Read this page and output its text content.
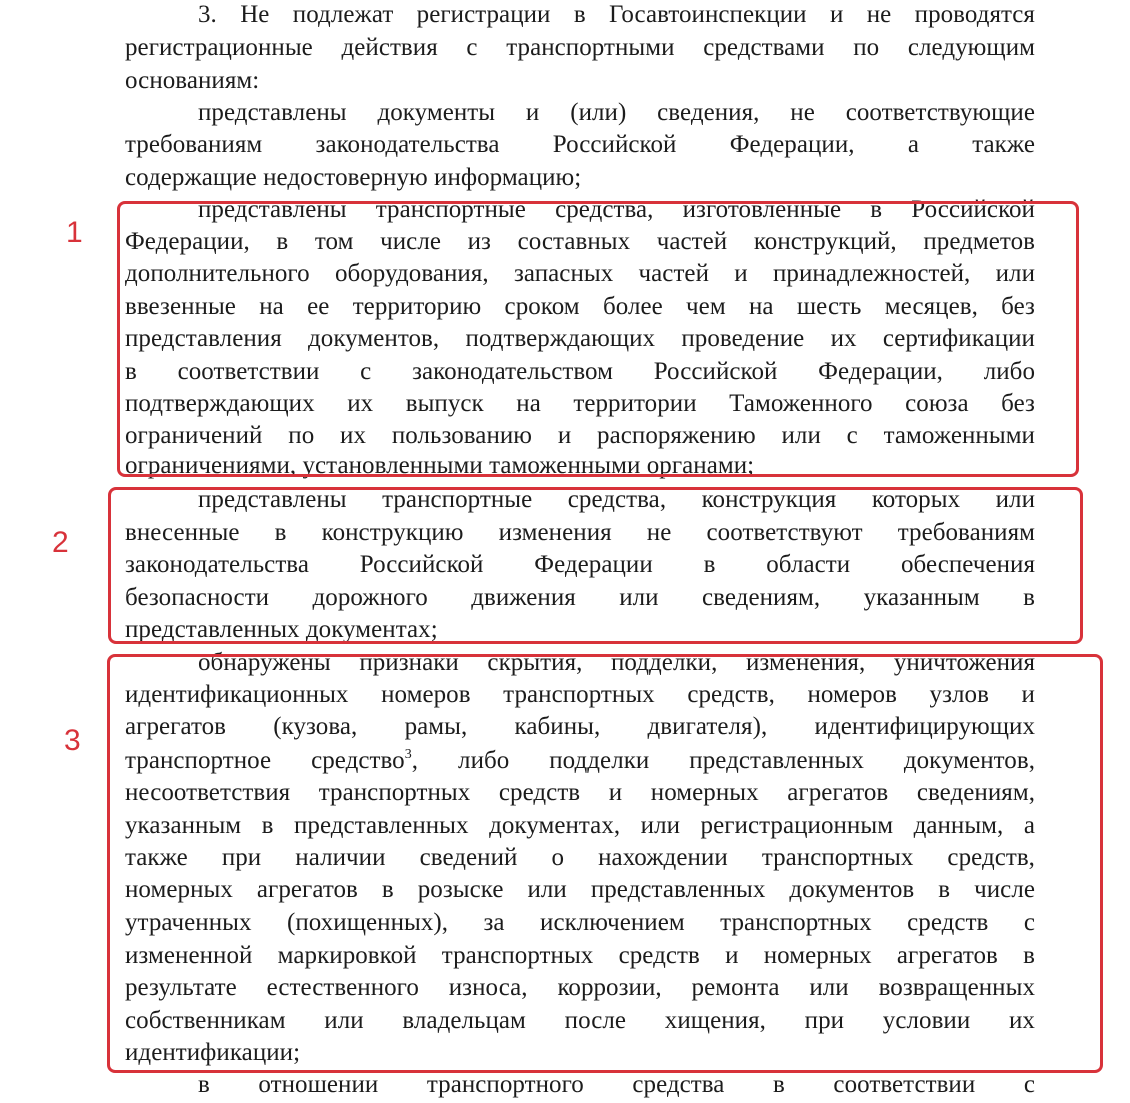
3. Не подлежат регистрации в Госавтоинспекции и не проводятся
регистрационные действия с транспортными средствами по следующим
основаниям:
представлены документы и (или) сведения, не соответствующие
требованиям законодательства Российской Федерации, а также
содержащие недостоверную информацию;
представлены транспортные средства, изготовленные в Российской
Федерации, в том числе из составных частей конструкций, предметов
дополнительного оборудования, запасных частей и принадлежностей, или
ввезенные на ее территорию сроком более чем на шесть месяцев, без
представления документов, подтверждающих проведение их сертификации
в соответствии с законодательством Российской Федерации, либо
подтверждающих их выпуск на территории Таможенного союза без
ограничений по их пользованию и распоряжению или с таможенными
ограничениями, установленными таможенными органами;
представлены транспортные средства, конструкция которых или
внесенные в конструкцию изменения не соответствуют требованиям
законодательства Российской Федерации в области обеспечения
безопасности дорожного движения или сведениям, указанным в
представленных документах;
обнаружены признаки скрытия, подделки, изменения, уничтожения
идентификационных номеров транспортных средств, номеров узлов и
агрегатов (кузова, рамы, кабины, двигателя), идентифицирующих
транспортное средство$^3$, либо подделки представленных документов,
несоответствия транспортных средств и номерных агрегатов сведениям,
указанным в представленных документах, или регистрационным данным, а
также при наличии сведений о нахождении транспортных средств,
номерных агрегатов в розыске или представленных документов в числе
утраченных (похищенных), за исключением транспортных средств с
измененной маркировкой транспортных средств и номерных агрегатов в
результате естественного износа, коррозии, ремонта или возвращенных
собственникам или владельцам после хищения, при условии их
идентификации;
в отношении транспортного средства в соответствии с
1
2
3
